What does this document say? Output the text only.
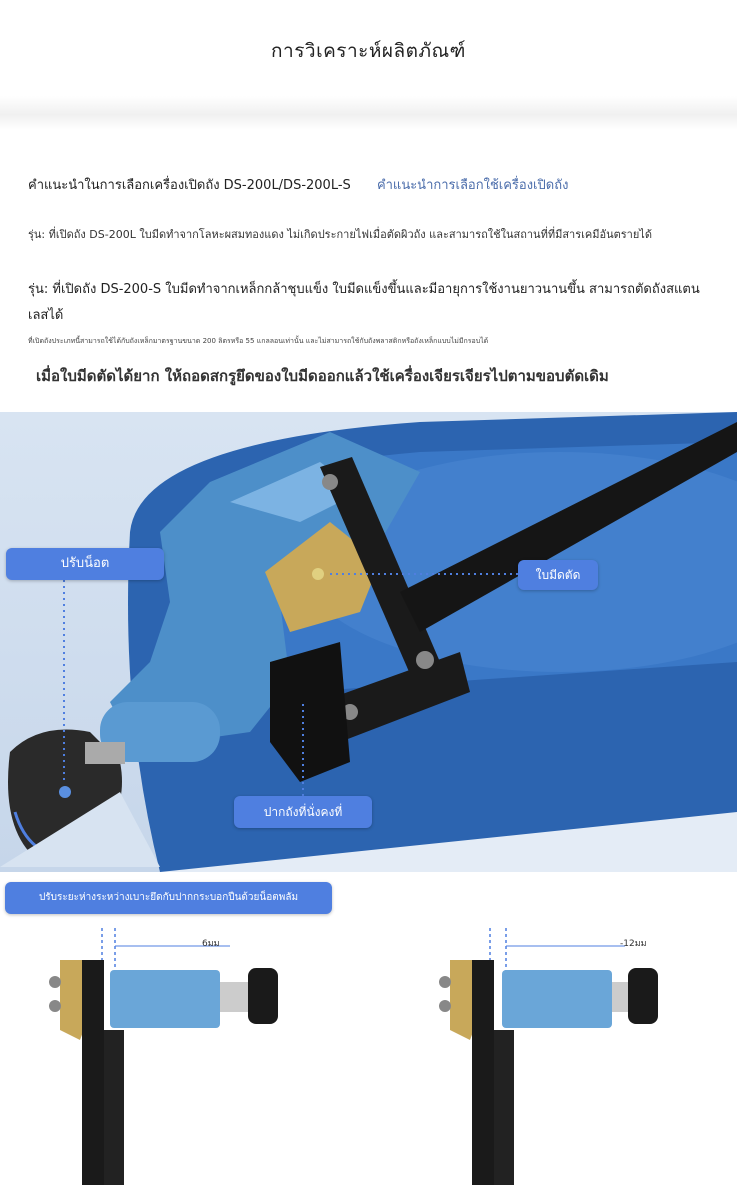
การวิเคราะห์ผลิตภัณฑ์
คำแนะนำในการเลือกเครื่องเปิดถัง DS-200L/DS-200L-S คำแนะนำการเลือกใช้เครื่องเปิดถัง
รุ่น: ที่เปิดถัง DS-200L ใบมีดทำจากโลหะผสมทองแดง ไม่เกิดประกายไฟเมื่อตัดผิวถัง และสามารถใช้ในสถานที่ที่มีสารเคมีอันตรายได้
รุ่น: ที่เปิดถัง DS-200-S ใบมีดทำจากเหล็กกล้าชุบแข็ง ใบมีดแข็งขึ้นและมีอายุการใช้งานยาวนานขึ้น สามารถตัดถังสแตนเลสได้
ที่เปิดถังประเภทนี้สามารถใช้ได้กับถังเหล็กมาตรฐานขนาด 200 ลิตรหรือ 55 แกลลอนเท่านั้น และไม่สามารถใช้กับถังพลาสติกหรือถังเหล็กแบบไม่มีกรอบได้
เมื่อใบมีดตัดได้ยาก ให้ถอดสกรูยึดของใบมีดออกแล้วใช้เครื่องเจียรเจียรไปตามขอบตัดเดิม
ปรับน็อต
ใบมีดตัด
ปากถังที่นั่งคงที่
ปรับระยะห่างระหว่างเบาะยึดกับปากกระบอกปืนด้วยน็อตพลัม
6มม	-12มม
